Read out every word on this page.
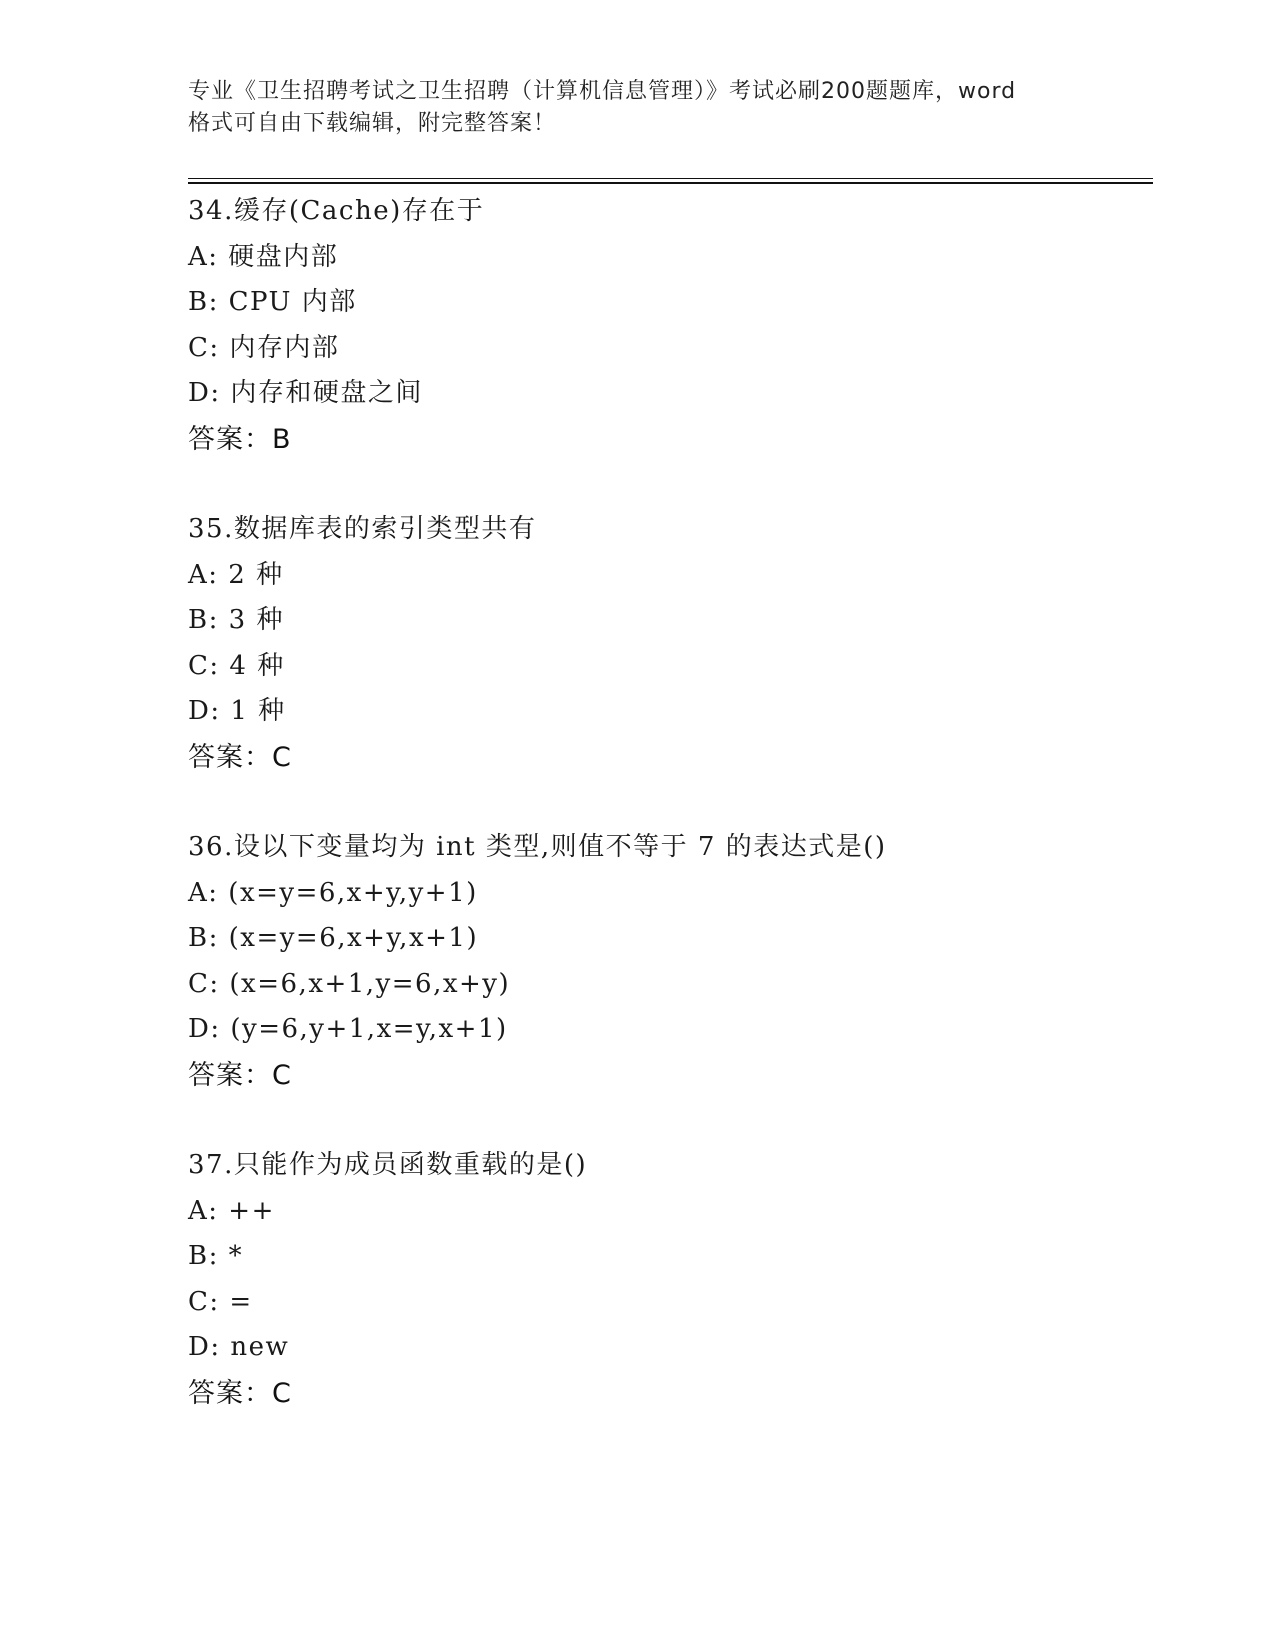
专业《卫生招聘考试之卫生招聘（计算机信息管理）》考试必刷200题题库，word
格式可自由下载编辑，附完整答案！
34.缓存(Cache)存在于
A: 硬盘内部
B: CPU 内部
C: 内存内部
D: 内存和硬盘之间
答案：B
35.数据库表的索引类型共有
A: 2 种
B: 3 种
C: 4 种
D: 1 种
答案：C
36.设以下变量均为 int 类型,则值不等于 7 的表达式是()
A: (x=y=6,x+y,y+1)
B: (x=y=6,x+y,x+1)
C: (x=6,x+1,y=6,x+y)
D: (y=6,y+1,x=y,x+1)
答案：C
37.只能作为成员函数重载的是()
A: ++
B: *
C: =
D: new
答案：C
